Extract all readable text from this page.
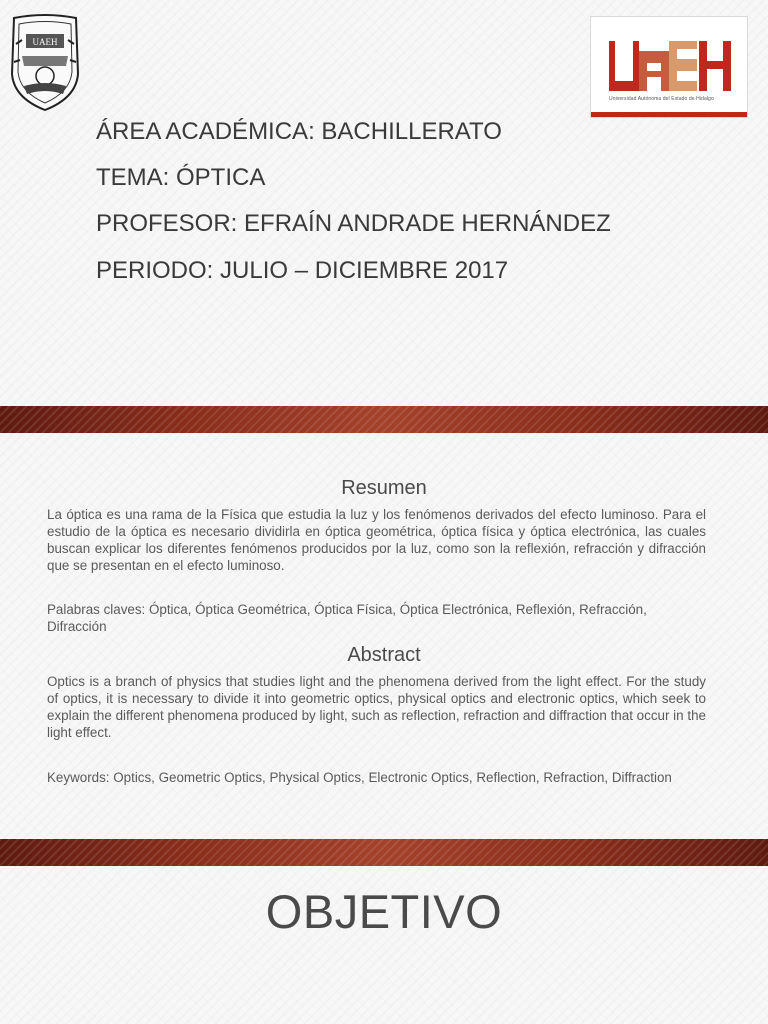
UAEH
Universidad Autónoma del Estado de Hidalgo
ÁREA ACADÉMICA: BACHILLERATO
TEMA: ÓPTICA
PROFESOR: EFRAÍN ANDRADE HERNÁNDEZ
PERIODO: JULIO – DICIEMBRE 2017
Resumen

La óptica es una rama de la Física que estudia la luz y los fenómenos derivados del efecto luminoso. Para el estudio de la óptica es necesario dividirla en óptica geométrica, óptica física y óptica electrónica, las cuales buscan explicar los diferentes fenómenos producidos por la luz, como son la reflexión, refracción y difracción que se presentan en el efecto luminoso.

Palabras claves: Óptica, Óptica Geométrica, Óptica Física, Óptica Electrónica, Reflexión, Refracción, Difracción

Abstract

Optics is a branch of physics that studies light and the phenomena derived from the light effect. For the study of optics, it is necessary to divide it into geometric optics, physical optics and electronic optics, which seek to explain the different phenomena produced by light, such as reflection, refraction and diffraction that occur in the light effect.

Keywords: Optics, Geometric Optics, Physical Optics, Electronic Optics, Reflection, Refraction, Diffraction

OBJETIVO
